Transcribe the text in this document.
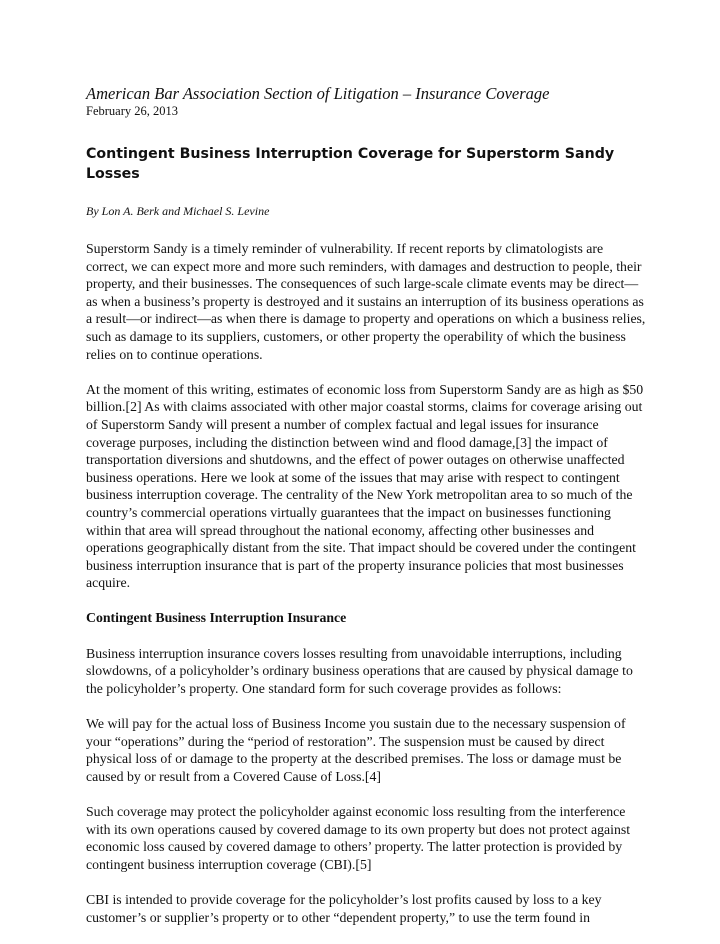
American Bar Association Section of Litigation – Insurance Coverage

February 26, 2013

Contingent Business Interruption Coverage for Superstorm Sandy Losses

By Lon A. Berk and Michael S. Levine

Superstorm Sandy is a timely reminder of vulnerability. If recent reports by climatologists are correct, we can expect more and more such reminders, with damages and destruction to people, their property, and their businesses. The consequences of such large-scale climate events may be direct—as when a business’s property is destroyed and it sustains an interruption of its business operations as a result—or indirect—as when there is damage to property and operations on which a business relies, such as damage to its suppliers, customers, or other property the operability of which the business relies on to continue operations.

At the moment of this writing, estimates of economic loss from Superstorm Sandy are as high as $50 billion.[2] As with claims associated with other major coastal storms, claims for coverage arising out of Superstorm Sandy will present a number of complex factual and legal issues for insurance coverage purposes, including the distinction between wind and flood damage,[3] the impact of transportation diversions and shutdowns, and the effect of power outages on otherwise unaffected business operations. Here we look at some of the issues that may arise with respect to contingent business interruption coverage. The centrality of the New York metropolitan area to so much of the country’s commercial operations virtually guarantees that the impact on businesses functioning within that area will spread throughout the national economy, affecting other businesses and operations geographically distant from the site. That impact should be covered under the contingent business interruption insurance that is part of the property insurance policies that most businesses acquire.

Contingent Business Interruption Insurance

Business interruption insurance covers losses resulting from unavoidable interruptions, including slowdowns, of a policyholder’s ordinary business operations that are caused by physical damage to the policyholder’s property. One standard form for such coverage provides as follows:

We will pay for the actual loss of Business Income you sustain due to the necessary suspension of your “operations” during the “period of restoration”. The suspension must be caused by direct physical loss of or damage to the property at the described premises. The loss or damage must be caused by or result from a Covered Cause of Loss.[4]

Such coverage may protect the policyholder against economic loss resulting from the interference with its own operations caused by covered damage to its own property but does not protect against economic loss caused by covered damage to others’ property. The latter protection is provided by contingent business interruption coverage (CBI).[5]

CBI is intended to provide coverage for the policyholder’s lost profits caused by loss to a key customer’s or supplier’s property or to other “dependent property,” to use the term found in
